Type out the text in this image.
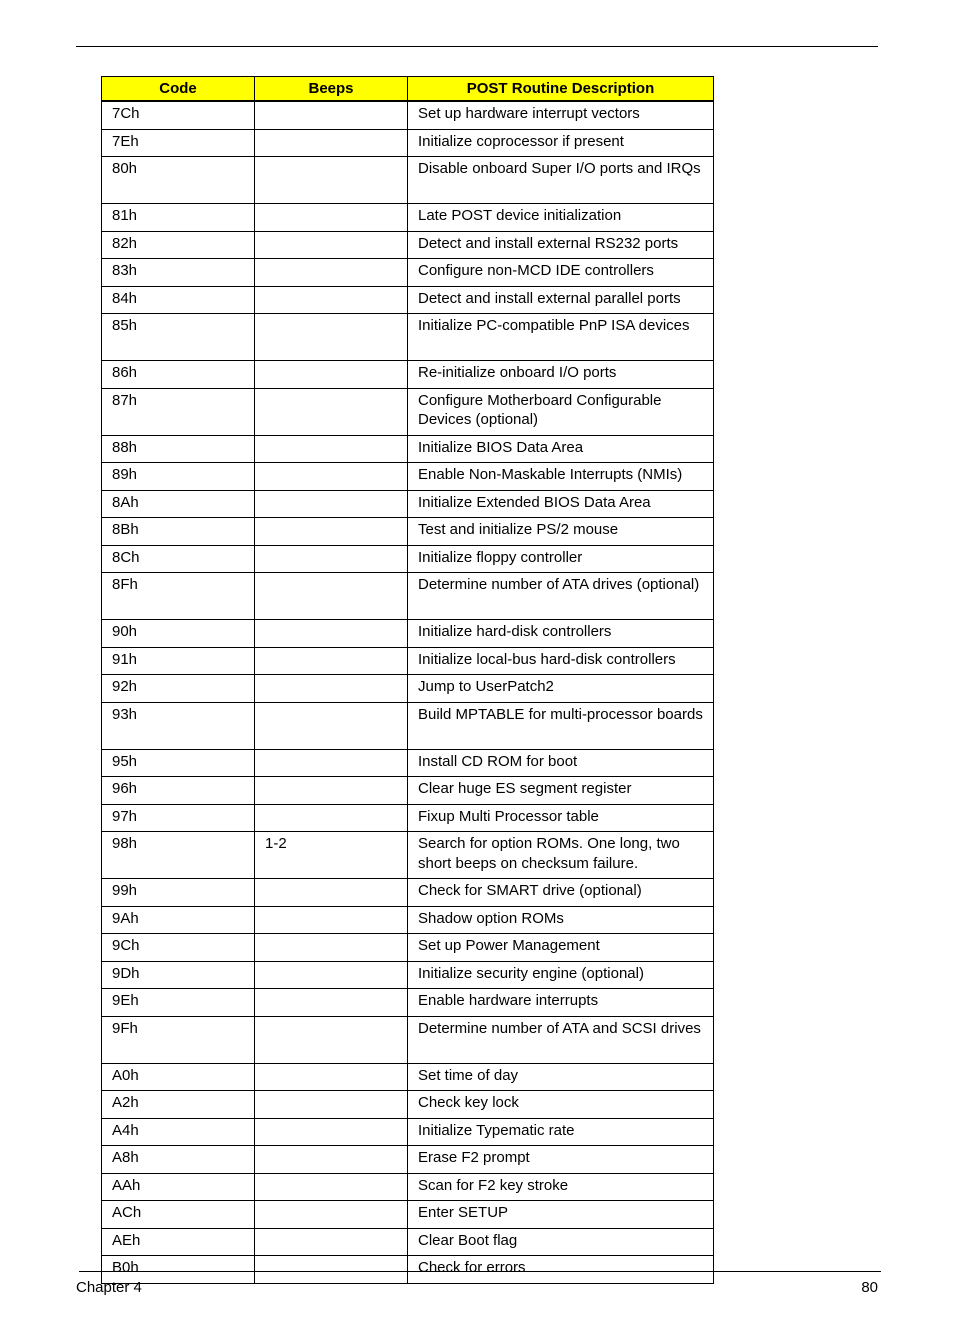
Code	Beeps	POST Routine Description
7Ch		Set up hardware interrupt vectors
7Eh		Initialize coprocessor if present
80h		Disable onboard Super I/O ports and IRQs
81h		Late POST device initialization
82h		Detect and install external RS232 ports
83h		Configure non-MCD IDE controllers
84h		Detect and install external parallel ports
85h		Initialize PC-compatible PnP ISA devices
86h		Re-initialize onboard I/O ports
87h		Configure Motherboard Configurable Devices (optional)
88h		Initialize BIOS Data Area
89h		Enable Non-Maskable Interrupts (NMIs)
8Ah		Initialize Extended BIOS Data Area
8Bh		Test and initialize PS/2 mouse
8Ch		Initialize floppy controller
8Fh		Determine number of ATA drives (optional)
90h		Initialize hard-disk controllers
91h		Initialize local-bus hard-disk controllers
92h		Jump to UserPatch2
93h		Build MPTABLE for multi-processor boards
95h		Install CD ROM for boot
96h		Clear huge ES segment register
97h		Fixup Multi Processor table
98h	1-2	Search for option ROMs. One long, two short beeps on checksum failure.
99h		Check for SMART drive (optional)
9Ah		Shadow option ROMs
9Ch		Set up Power Management
9Dh		Initialize security engine (optional)
9Eh		Enable hardware interrupts
9Fh		Determine number of ATA and SCSI drives
A0h		Set time of day
A2h		Check key lock
A4h		Initialize Typematic rate
A8h		Erase F2 prompt
AAh		Scan for F2 key stroke
ACh		Enter SETUP
AEh		Clear Boot flag
B0h		Check for errors
Chapter 4	80
